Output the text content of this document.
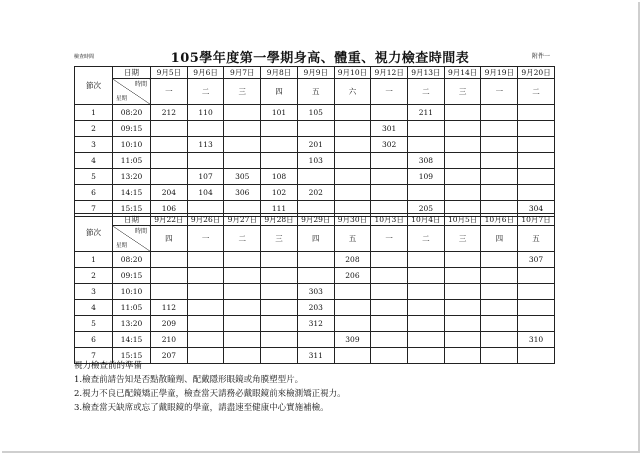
檢查時間	105學年度第一學期身高、體重、視力檢查時間表	附件一
節次	日期	9月5日	9月6日	9月7日	9月8日	9月9日	9月10日	9月12日	9月13日	9月14日	9月19日	9月20日

	時間
星期	一	二	三	四	五	六	一	二	三	一	二
1	08:20	212	110		101	105			211			
2	09:15							301				
3	10:10		113			201		302				
4	11:05					103			308			
5	13:20		107	305	108				109			
6	14:15	204	104	306	102	202						
7	15:15	106			111				205			304
節次	日期	9月22日	9月26日	9月27日	9月28日	9月29日	9月30日	10月3日	10月4日	10月5日	10月6日	10月7日

	時間
星期	四	一	二	三	四	五	一	二	三	四	五
1	08:20						208					307
2	09:15						206					
3	10:10					303						
4	11:05	112				203						
5	13:20	209				312						
6	14:15	210					309					310
7	15:15	207				311						
視力檢查前的準備
1.檢查前請告知是否點散瞳劑、配戴隱形眼鏡或角膜塑型片。
2.視力不良已配鏡矯正學童，檢查當天請務必戴眼鏡前來檢測矯正視力。
3.檢查當天缺席或忘了戴眼鏡的學童，請盡速至健康中心實施補檢。
